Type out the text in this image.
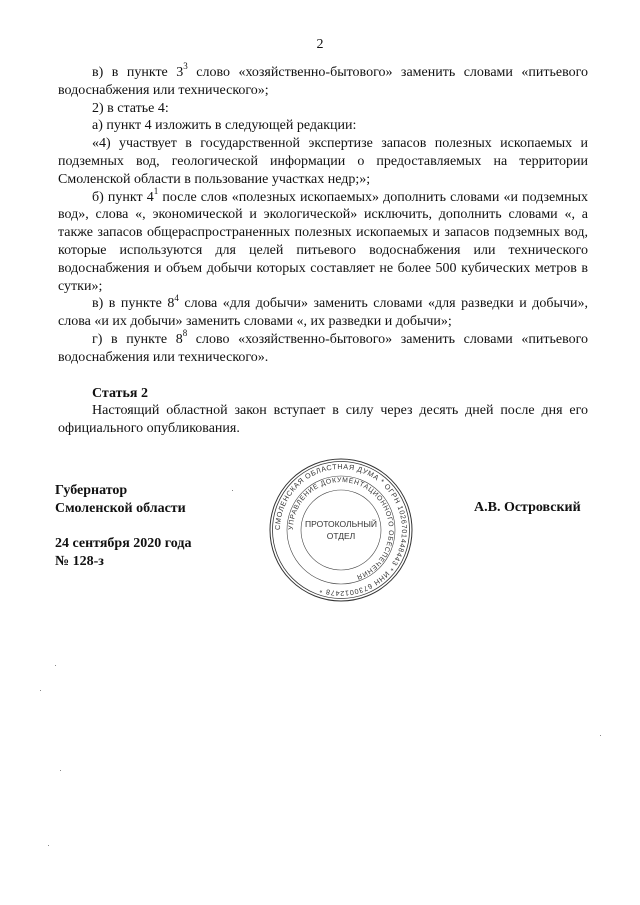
2

в) в пункте $3^3$ слово «хозяйственно-бытового» заменить словами «питьевого водоснабжения или технического»;

2) в статье 4:

а) пункт 4 изложить в следующей редакции:

«4) участвует в государственной экспертизе запасов полезных ископаемых и подземных вод, геологической информации о предоставляемых на территории Смоленской области в пользование участках недр;»;

б) пункт $4^1$ после слов «полезных ископаемых» дополнить словами «и подземных вод», слова «, экономической и экологической» исключить, дополнить словами «, а также запасов общераспространенных полезных ископаемых и запасов подземных вод, которые используются для целей питьевого водоснабжения или технического водоснабжения и объем добычи которых составляет не более 500 кубических метров в сутки»;

в) в пункте $8^4$ слова «для добычи» заменить словами «для разведки и добычи», слова «и их добычи» заменить словами «, их разведки и добычи»;

г) в пункте $8^8$ слово «хозяйственно-бытового» заменить словами «питьевого водоснабжения или технического».

Статья 2

Настоящий областной закон вступает в силу через десять дней после дня его официального опубликования.

Губернатор
Смоленской области
24 сентября 2020 года
№ 128-з
А.В. Островский
СМОЛЕНСКАЯ ОБЛАСТНАЯ ДУМА * ОГРН 1026701448443 * ИНН 6730012478 *
УПРАВЛЕНИЕ ДОКУМЕНТАЦИОННОГО ОБЕСПЕЧЕНИЯ
ПРОТОКОЛЬНЫЙ
ОТДЕЛ
